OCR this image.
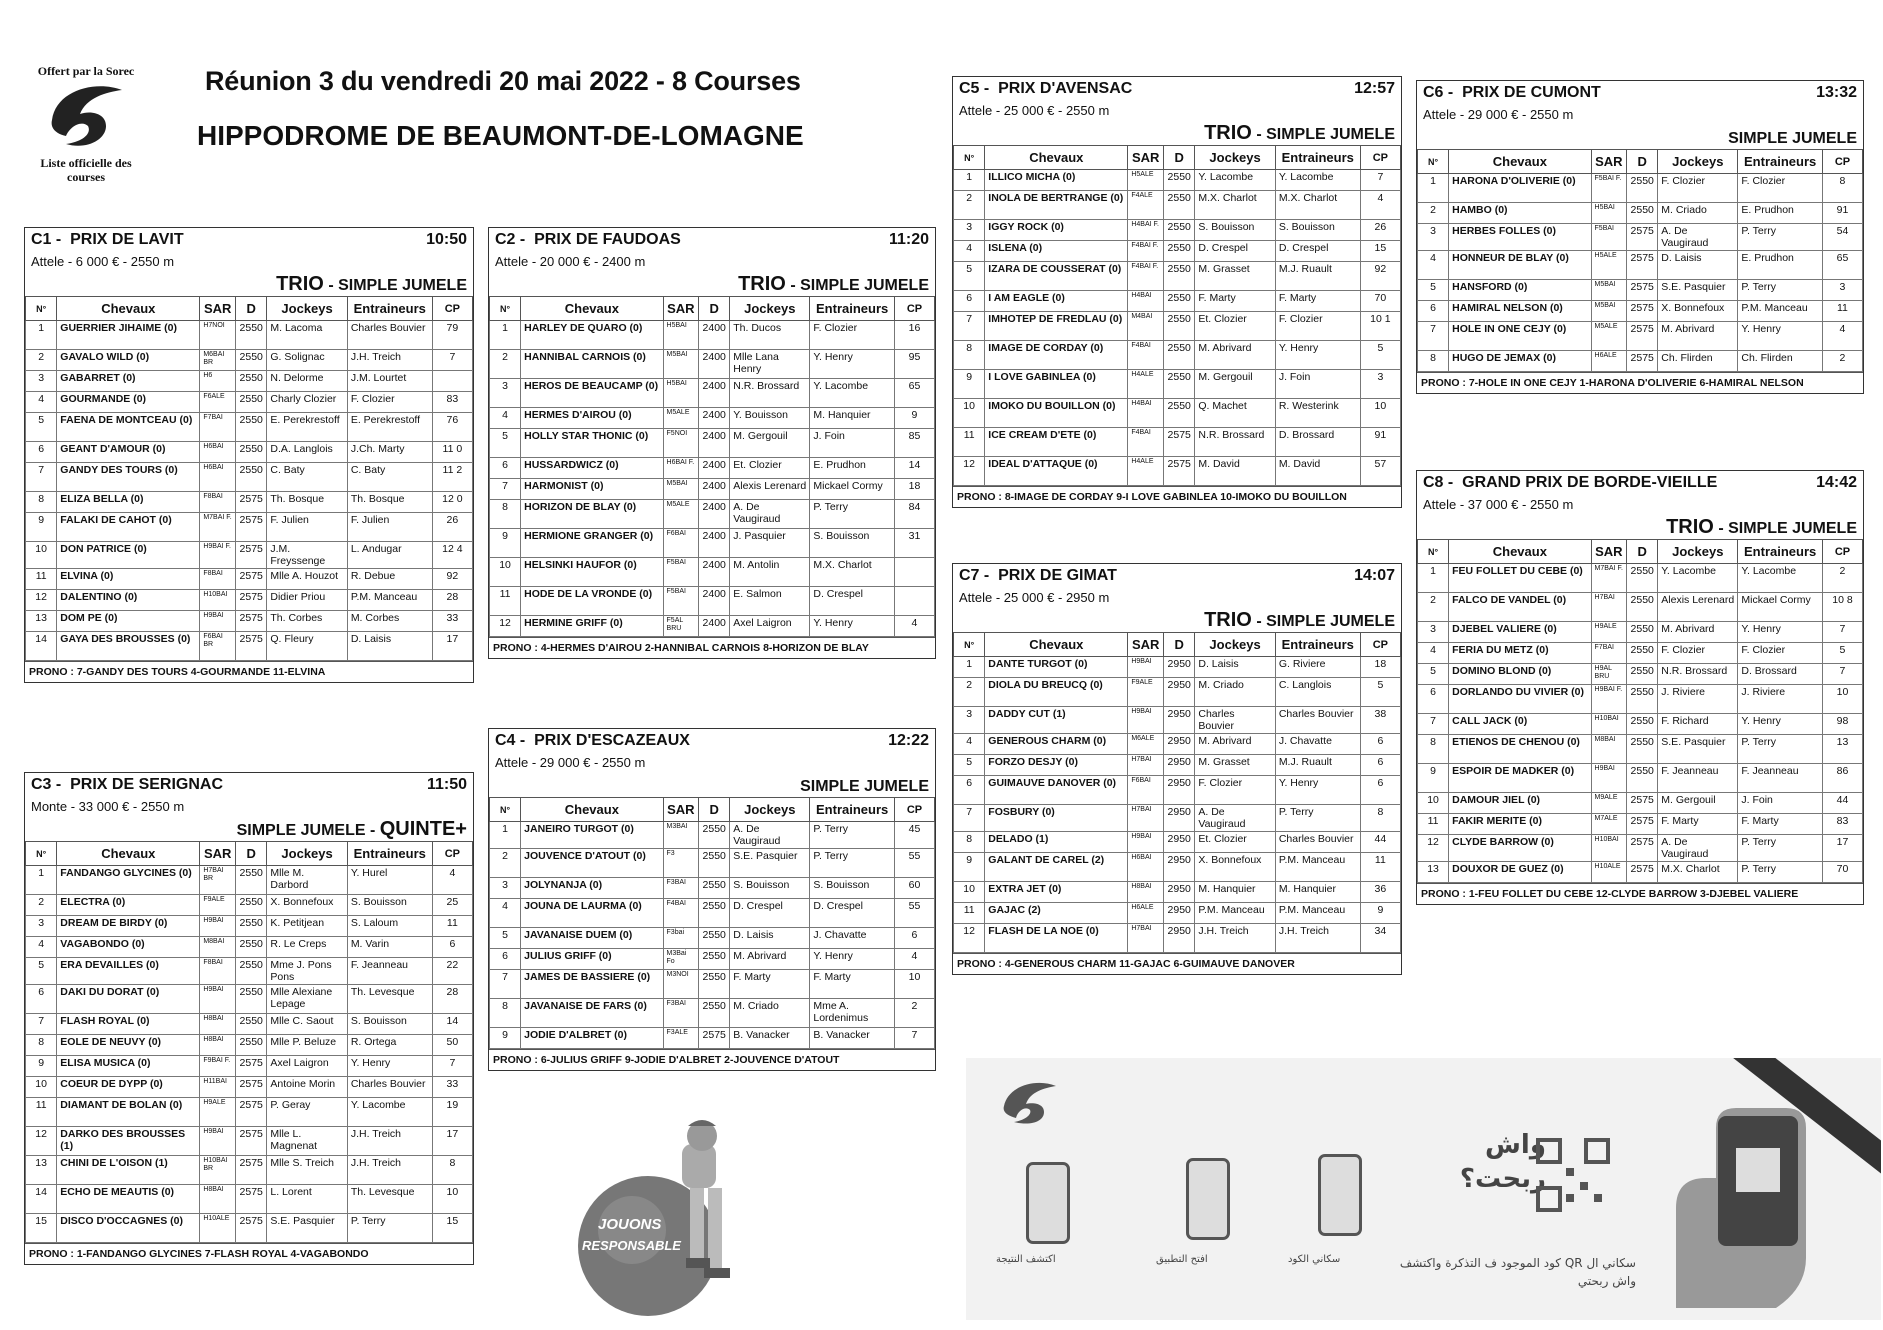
Offert par la Sorec
Liste officielle des courses
Réunion 3 du vendredi 20 mai 2022 - 8 Courses
HIPPODROME DE BEAUMONT-DE-LOMAGNE
C1 - PRIX DE LAVIT	10:50
Attele - 6 000 € - 2550 m
TRIO - SIMPLE JUMELE
N°	Chevaux	SAR	D	Jockeys	Entraineurs	CP
1	GUERRIER JIHAIME (0)	H7NOI	2550	M. Lacoma	Charles Bouvier	79
2	GAVALO WILD (0)	M6BAI BR	2550	G. Solignac	J.H. Treich	7
3	GABARRET (0)	H6	2550	N. Delorme	J.M. Lourtet	
4	GOURMANDE (0)	F6ALE	2550	Charly Clozier	F. Clozier	83
5	FAENA DE MONTCEAU (0)	F7BAI	2550	E. Perekrestoff	E. Perekrestoff	76
6	GEANT D'AMOUR (0)	H6BAI	2550	D.A. Langlois	J.Ch. Marty	11 0
7	GANDY DES TOURS (0)	H6BAI	2550	C. Baty	C. Baty	11 2
8	ELIZA BELLA (0)	F8BAI	2575	Th. Bosque	Th. Bosque	12 0
9	FALAKI DE CAHOT (0)	M7BAI F.	2575	F. Julien	F. Julien	26
10	DON PATRICE (0)	H9BAI F.	2575	J.M. Freyssenge	L. Andugar	12 4
11	ELVINA (0)	F8BAI	2575	Mlle A. Houzot	R. Debue	92
12	DALENTINO (0)	H10BAI	2575	Didier Priou	P.M. Manceau	28
13	DOM PE (0)	H9BAI	2575	Th. Corbes	M. Corbes	33
14	GAYA DES BROUSSES (0)	F6BAI BR	2575	Q. Fleury	D. Laisis	17
PRONO : 7-GANDY DES TOURS 4-GOURMANDE 11-ELVINA
C2 - PRIX DE FAUDOAS	11:20
Attele - 20 000 € - 2400 m
TRIO - SIMPLE JUMELE
N°	Chevaux	SAR	D	Jockeys	Entraineurs	CP
1	HARLEY DE QUARO (0)	H5BAI	2400	Th. Ducos	F. Clozier	16
2	HANNIBAL CARNOIS (0)	M5BAI	2400	Mlle Lana Henry	Y. Henry	95
3	HEROS DE BEAUCAMP (0)	H5BAI	2400	N.R. Brossard	Y. Lacombe	65
4	HERMES D'AIROU (0)	M5ALE	2400	Y. Bouisson	M. Hanquier	9
5	HOLLY STAR THONIC (0)	F5NOI	2400	M. Gergouil	J. Foin	85
6	HUSSARDWICZ (0)	H6BAI F.	2400	Et. Clozier	E. Prudhon	14
7	HARMONIST (0)	M5BAI	2400	Alexis Lerenard	Mickael Cormy	18
8	HORIZON DE BLAY (0)	M5ALE	2400	A. De Vaugiraud	P. Terry	84
9	HERMIONE GRANGER (0)	F6BAI	2400	J. Pasquier	S. Bouisson	31
10	HELSINKI HAUFOR (0)	F5BAI	2400	M. Antolin	M.X. Charlot	
11	HODE DE LA VRONDE (0)	F5BAI	2400	E. Salmon	D. Crespel	
12	HERMINE GRIFF (0)	F5AL BRU	2400	Axel Laigron	Y. Henry	4
PRONO : 4-HERMES D'AIROU 2-HANNIBAL CARNOIS 8-HORIZON DE BLAY
C3 - PRIX DE SERIGNAC	11:50
Monte - 33 000 € - 2550 m
SIMPLE JUMELE - QUINTE+
N°	Chevaux	SAR	D	Jockeys	Entraineurs	CP
1	FANDANGO GLYCINES (0)	H7BAI BR	2550	Mlle M. Darbord	Y. Hurel	4
2	ELECTRA (0)	F9ALE	2550	X. Bonnefoux	S. Bouisson	25
3	DREAM DE BIRDY (0)	H9BAI	2550	K. Petitjean	S. Laloum	11
4	VAGABONDO (0)	M8BAI	2550	R. Le Creps	M. Varin	6
5	ERA DEVAILLES (0)	F8BAI	2550	Mme J. Pons Pons	F. Jeanneau	22
6	DAKI DU DORAT (0)	H9BAI	2550	Mlle Alexiane Lepage	Th. Levesque	28
7	FLASH ROYAL (0)	H8BAI	2550	Mlle C. Saout	S. Bouisson	14
8	EOLE DE NEUVY (0)	H8BAI	2550	Mlle P. Beluze	R. Ortega	50
9	ELISA MUSICA (0)	F9BAI F.	2575	Axel Laigron	Y. Henry	7
10	COEUR DE DYPP (0)	H11BAI	2575	Antoine Morin	Charles Bouvier	33
11	DIAMANT DE BOLAN (0)	H9ALE	2575	P. Geray	Y. Lacombe	19
12	DARKO DES BROUSSES (1)	H9BAI	2575	Mlle L. Magnenat	J.H. Treich	17
13	CHINI DE L'OISON (1)	H10BAI BR	2575	Mlle S. Treich	J.H. Treich	8
14	ECHO DE MEAUTIS (0)	H8BAI	2575	L. Lorent	Th. Levesque	10
15	DISCO D'OCCAGNES (0)	H10ALE	2575	S.E. Pasquier	P. Terry	15
PRONO : 1-FANDANGO GLYCINES 7-FLASH ROYAL 4-VAGABONDO
C4 - PRIX D'ESCAZEAUX	12:22
Attele - 29 000 € - 2550 m
SIMPLE JUMELE
N°	Chevaux	SAR	D	Jockeys	Entraineurs	CP
1	JANEIRO TURGOT (0)	M3BAI	2550	A. De Vaugiraud	P. Terry	45
2	JOUVENCE D'ATOUT (0)	F3	2550	S.E. Pasquier	P. Terry	55
3	JOLYNANJA (0)	F3BAI	2550	S. Bouisson	S. Bouisson	60
4	JOUNA DE LAURMA (0)	F4BAI	2550	D. Crespel	D. Crespel	55
5	JAVANAISE DUEM (0)	F3bai	2550	D. Laisis	J. Chavatte	6
6	JULIUS GRIFF (0)	M3Bai Fo	2550	M. Abrivard	Y. Henry	4
7	JAMES DE BASSIERE (0)	M3NOI	2550	F. Marty	F. Marty	10
8	JAVANAISE DE FARS (0)	F3BAI	2550	M. Criado	Mme A. Lordenimus	2
9	JODIE D'ALBRET (0)	F3ALE	2575	B. Vanacker	B. Vanacker	7
PRONO : 6-JULIUS GRIFF 9-JODIE D'ALBRET 2-JOUVENCE D'ATOUT
C5 - PRIX D'AVENSAC	12:57
Attele - 25 000 € - 2550 m
TRIO - SIMPLE JUMELE
N°	Chevaux	SAR	D	Jockeys	Entraineurs	CP
1	ILLICO MICHA (0)	H5ALE	2550	Y. Lacombe	Y. Lacombe	7
2	INOLA DE BERTRANGE (0)	F4ALE	2550	M.X. Charlot	M.X. Charlot	4
3	IGGY ROCK (0)	H4BAI F.	2550	S. Bouisson	S. Bouisson	26
4	ISLENA (0)	F4BAI F.	2550	D. Crespel	D. Crespel	15
5	IZARA DE COUSSERAT (0)	F4BAI F.	2550	M. Grasset	M.J. Ruault	92
6	I AM EAGLE (0)	H4BAI	2550	F. Marty	F. Marty	70
7	IMHOTEP DE FREDLAU (0)	M4BAI	2550	Et. Clozier	F. Clozier	10 1
8	IMAGE DE CORDAY (0)	F4BAI	2550	M. Abrivard	Y. Henry	5
9	I LOVE GABINLEA (0)	H4ALE	2550	M. Gergouil	J. Foin	3
10	IMOKO DU BOUILLON (0)	H4BAI	2550	Q. Machet	R. Westerink	10
11	ICE CREAM D'ETE (0)	F4BAI	2575	N.R. Brossard	D. Brossard	91
12	IDEAL D'ATTAQUE (0)	H4ALE	2575	M. David	M. David	57
PRONO : 8-IMAGE DE CORDAY 9-I LOVE GABINLEA 10-IMOKO DU BOUILLON
C6 - PRIX DE CUMONT	13:32
Attele - 29 000 € - 2550 m
SIMPLE JUMELE
N°	Chevaux	SAR	D	Jockeys	Entraineurs	CP
1	HARONA D'OLIVERIE (0)	F5BAI F.	2550	F. Clozier	F. Clozier	8
2	HAMBO (0)	H5BAI	2550	M. Criado	E. Prudhon	91
3	HERBES FOLLES (0)	F5BAI	2575	A. De Vaugiraud	P. Terry	54
4	HONNEUR DE BLAY (0)	H5ALE	2575	D. Laisis	E. Prudhon	65
5	HANSFORD (0)	M5BAI	2575	S.E. Pasquier	P. Terry	3
6	HAMIRAL NELSON (0)	M5BAI	2575	X. Bonnefoux	P.M. Manceau	11
7	HOLE IN ONE CEJY (0)	M5ALE	2575	M. Abrivard	Y. Henry	4
8	HUGO DE JEMAX (0)	H6ALE	2575	Ch. Flirden	Ch. Flirden	2
PRONO : 7-HOLE IN ONE CEJY 1-HARONA D'OLIVERIE 6-HAMIRAL NELSON
C7 - PRIX DE GIMAT	14:07
Attele - 25 000 € - 2950 m
TRIO - SIMPLE JUMELE
N°	Chevaux	SAR	D	Jockeys	Entraineurs	CP
1	DANTE TURGOT (0)	H9BAI	2950	D. Laisis	G. Riviere	18
2	DIOLA DU BREUCQ (0)	F9ALE	2950	M. Criado	C. Langlois	5
3	DADDY CUT (1)	H9BAI	2950	Charles Bouvier	Charles Bouvier	38
4	GENEROUS CHARM (0)	M6ALE	2950	M. Abrivard	J. Chavatte	6
5	FORZO DESJY (0)	H7BAI	2950	M. Grasset	M.J. Ruault	6
6	GUIMAUVE DANOVER (0)	F6BAI	2950	F. Clozier	Y. Henry	6
7	FOSBURY (0)	H7BAI	2950	A. De Vaugiraud	P. Terry	8
8	DELADO (1)	H9BAI	2950	Et. Clozier	Charles Bouvier	44
9	GALANT DE CAREL (2)	H6BAI	2950	X. Bonnefoux	P.M. Manceau	11
10	EXTRA JET (0)	H8BAI	2950	M. Hanquier	M. Hanquier	36
11	GAJAC (2)	H6ALE	2950	P.M. Manceau	P.M. Manceau	9
12	FLASH DE LA NOE (0)	H7BAI	2950	J.H. Treich	J.H. Treich	34
PRONO : 4-GENEROUS CHARM 11-GAJAC 6-GUIMAUVE DANOVER
C8 - GRAND PRIX DE BORDE-VIEILLE	14:42
Attele - 37 000 € - 2550 m
TRIO - SIMPLE JUMELE
N°	Chevaux	SAR	D	Jockeys	Entraineurs	CP
1	FEU FOLLET DU CEBE (0)	M7BAI F.	2550	Y. Lacombe	Y. Lacombe	2
2	FALCO DE VANDEL (0)	H7BAI	2550	Alexis Lerenard	Mickael Cormy	10 8
3	DJEBEL VALIERE (0)	H9ALE	2550	M. Abrivard	Y. Henry	7
4	FERIA DU METZ (0)	F7BAI	2550	F. Clozier	F. Clozier	5
5	DOMINO BLOND (0)	H9AL BRU	2550	N.R. Brossard	D. Brossard	7
6	DORLANDO DU VIVIER (0)	H9BAI F.	2550	J. Riviere	J. Riviere	10
7	CALL JACK (0)	H10BAI	2550	F. Richard	Y. Henry	98
8	ETIENOS DE CHENOU (0)	M8BAI	2550	S.E. Pasquier	P. Terry	13
9	ESPOIR DE MADKER (0)	H9BAI	2550	F. Jeanneau	F. Jeanneau	86
10	DAMOUR JIEL (0)	M9ALE	2575	M. Gergouil	J. Foin	44
11	FAKIR MERITE (0)	M7ALE	2575	F. Marty	F. Marty	83
12	CLYDE BARROW (0)	H10BAI	2575	A. De Vaugiraud	P. Terry	17
13	DOUXOR DE GUEZ (0)	H10ALE	2575	M.X. Charlot	P. Terry	70
PRONO : 1-FEU FOLLET DU CEBE 12-CLYDE BARROW 3-DJEBEL VALIERE
JOUONS
RESPONSABLE
اكتشف النتيجة	افتح التطبيق	سكاني الكود
واش ربحت؟
سكاني ال QR كود الموجود ف التذكرة واكتشف واش ربحتي
